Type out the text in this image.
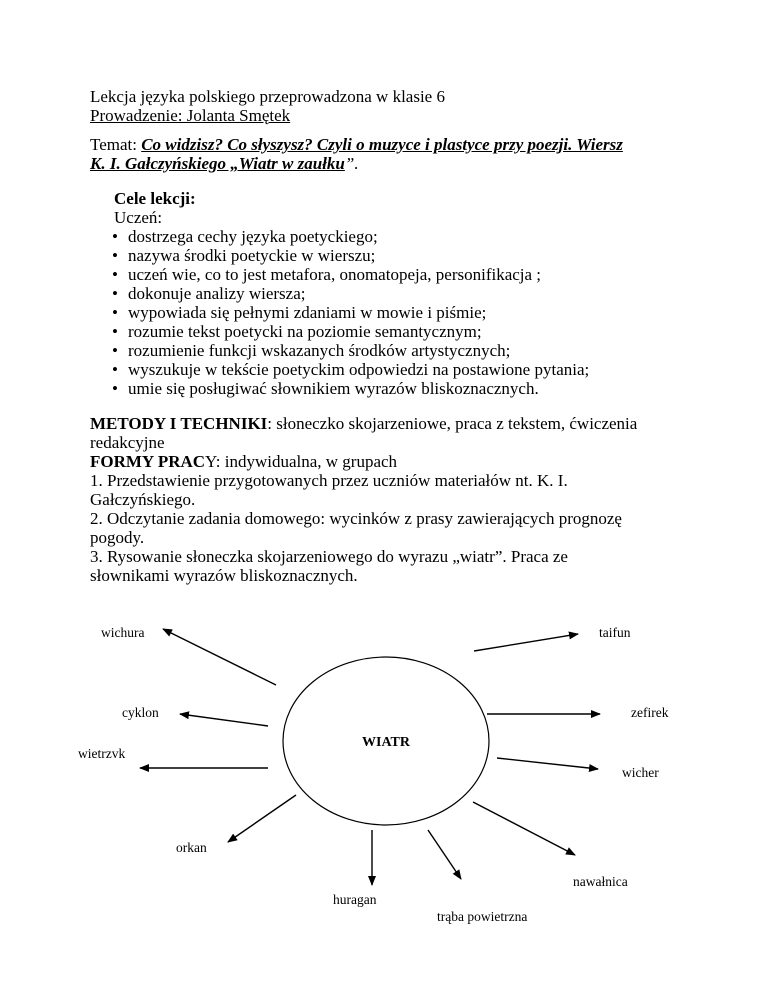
Lekcja języka polskiego przeprowadzona w klasie 6
Prowadzenie: Jolanta Smętek
Temat: Co widzisz? Co słyszysz? Czyli o muzyce i plastyce przy poezji. Wiersz
K. I. Gałczyńskiego „Wiatr w zaułku”.
Cele lekcji:
Uczeń:
• dostrzega cechy języka poetyckiego;
• nazywa środki poetyckie w wierszu;
• uczeń wie, co to jest metafora, onomatopeja, personifikacja ;
• dokonuje analizy wiersza;
• wypowiada się pełnymi zdaniami w mowie i piśmie;
• rozumie tekst poetycki na poziomie semantycznym;
• rozumienie funkcji wskazanych środków artystycznych;
• wyszukuje w tekście poetyckim odpowiedzi na postawione pytania;
• umie się posługiwać słownikiem wyrazów bliskoznacznych.
METODY I TECHNIKI: słoneczko skojarzeniowe, praca z tekstem, ćwiczenia
redakcyjne
FORMY PRACY: indywidualna, w grupach
1. Przedstawienie przygotowanych przez uczniów materiałów nt. K. I.
Gałczyńskiego.
2. Odczytanie zadania domowego: wycinków z prasy zawierających prognozę
pogody.
3. Rysowanie słoneczka skojarzeniowego do wyrazu „wiatr”. Praca ze
słownikami wyrazów bliskoznacznych.
WIATR
wichura	taifun
cyklon	zefirek
wietrzvk
wicher
orkan
nawałnica
huragan
trąba powietrzna
